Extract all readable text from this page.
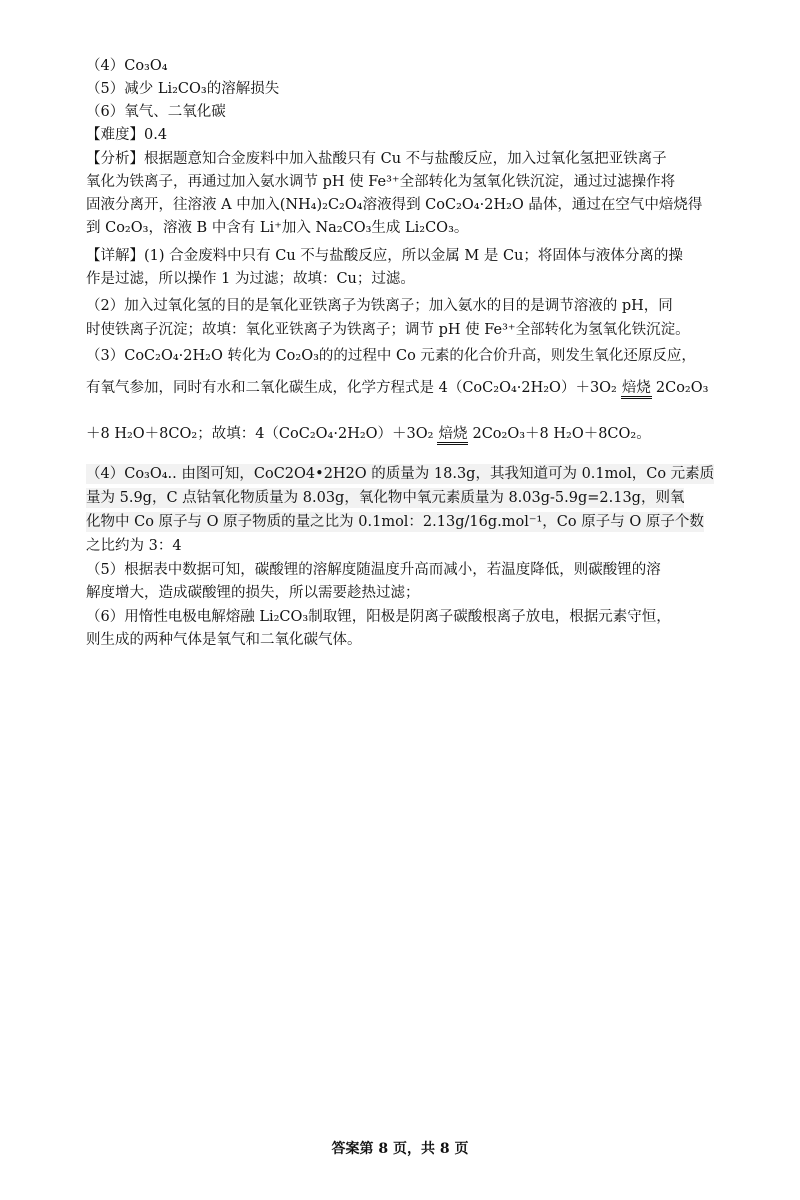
（4）Co₃O₄
（5）减少 Li₂CO₃的溶解损失
（6）氧气、二氧化碳
【难度】0.4
【分析】根据题意知合金废料中加入盐酸只有 Cu 不与盐酸反应，加入过氧化氢把亚铁离子
氧化为铁离子，再通过加入氨水调节 pH 使 Fe³⁺全部转化为氢氧化铁沉淀，通过过滤操作将
固液分离开，往溶液 A 中加入(NH₄)₂C₂O₄溶液得到 CoC₂O₄·2H₂O 晶体，通过在空气中焙烧得
到 Co₂O₃，溶液 B 中含有 Li⁺加入 Na₂CO₃生成 Li₂CO₃。
【详解】(1) 合金废料中只有 Cu 不与盐酸反应，所以金属 M 是 Cu；将固体与液体分离的操
作是过滤，所以操作 1 为过滤；故填：Cu；过滤。
（2）加入过氧化氢的目的是氧化亚铁离子为铁离子；加入氨水的目的是调节溶液的 pH，同
时使铁离子沉淀；故填：氧化亚铁离子为铁离子；调节 pH 使 Fe³⁺全部转化为氢氧化铁沉淀。
（3）CoC₂O₄·2H₂O 转化为 Co₂O₃的的过程中 Co 元素的化合价升高，则发生氧化还原反应，
有氧气参加，同时有水和二氧化碳生成，化学方程式是 4（CoC₂O₄·2H₂O）＋3O₂ 焙烧 2Co₂O₃
＋8 H₂O＋8CO₂；故填：4（CoC₂O₄·2H₂O）＋3O₂ 焙烧 2Co₂O₃＋8 H₂O＋8CO₂。
（4）Co₃O₄.. 由图可知，CoC2O4•2H2O 的质量为 18.3g，其我知道可为 0.1mol，Co 元素质
量为 5.9g，C 点钴氧化物质量为 8.03g，氧化物中氧元素质量为 8.03g-5.9g=2.13g，则氧
化物中 Co 原子与 O 原子物质的量之比为 0.1mol：2.13g/16g.mol⁻¹，Co 原子与 O 原子个数
之比约为 3：4
（5）根据表中数据可知，碳酸锂的溶解度随温度升高而减小，若温度降低，则碳酸锂的溶
解度增大，造成碳酸锂的损失，所以需要趁热过滤；
（6）用惰性电极电解熔融 Li₂CO₃制取锂，阳极是阴离子碳酸根离子放电，根据元素守恒，
则生成的两种气体是氧气和二氧化碳气体。
答案第 8 页，共 8 页
